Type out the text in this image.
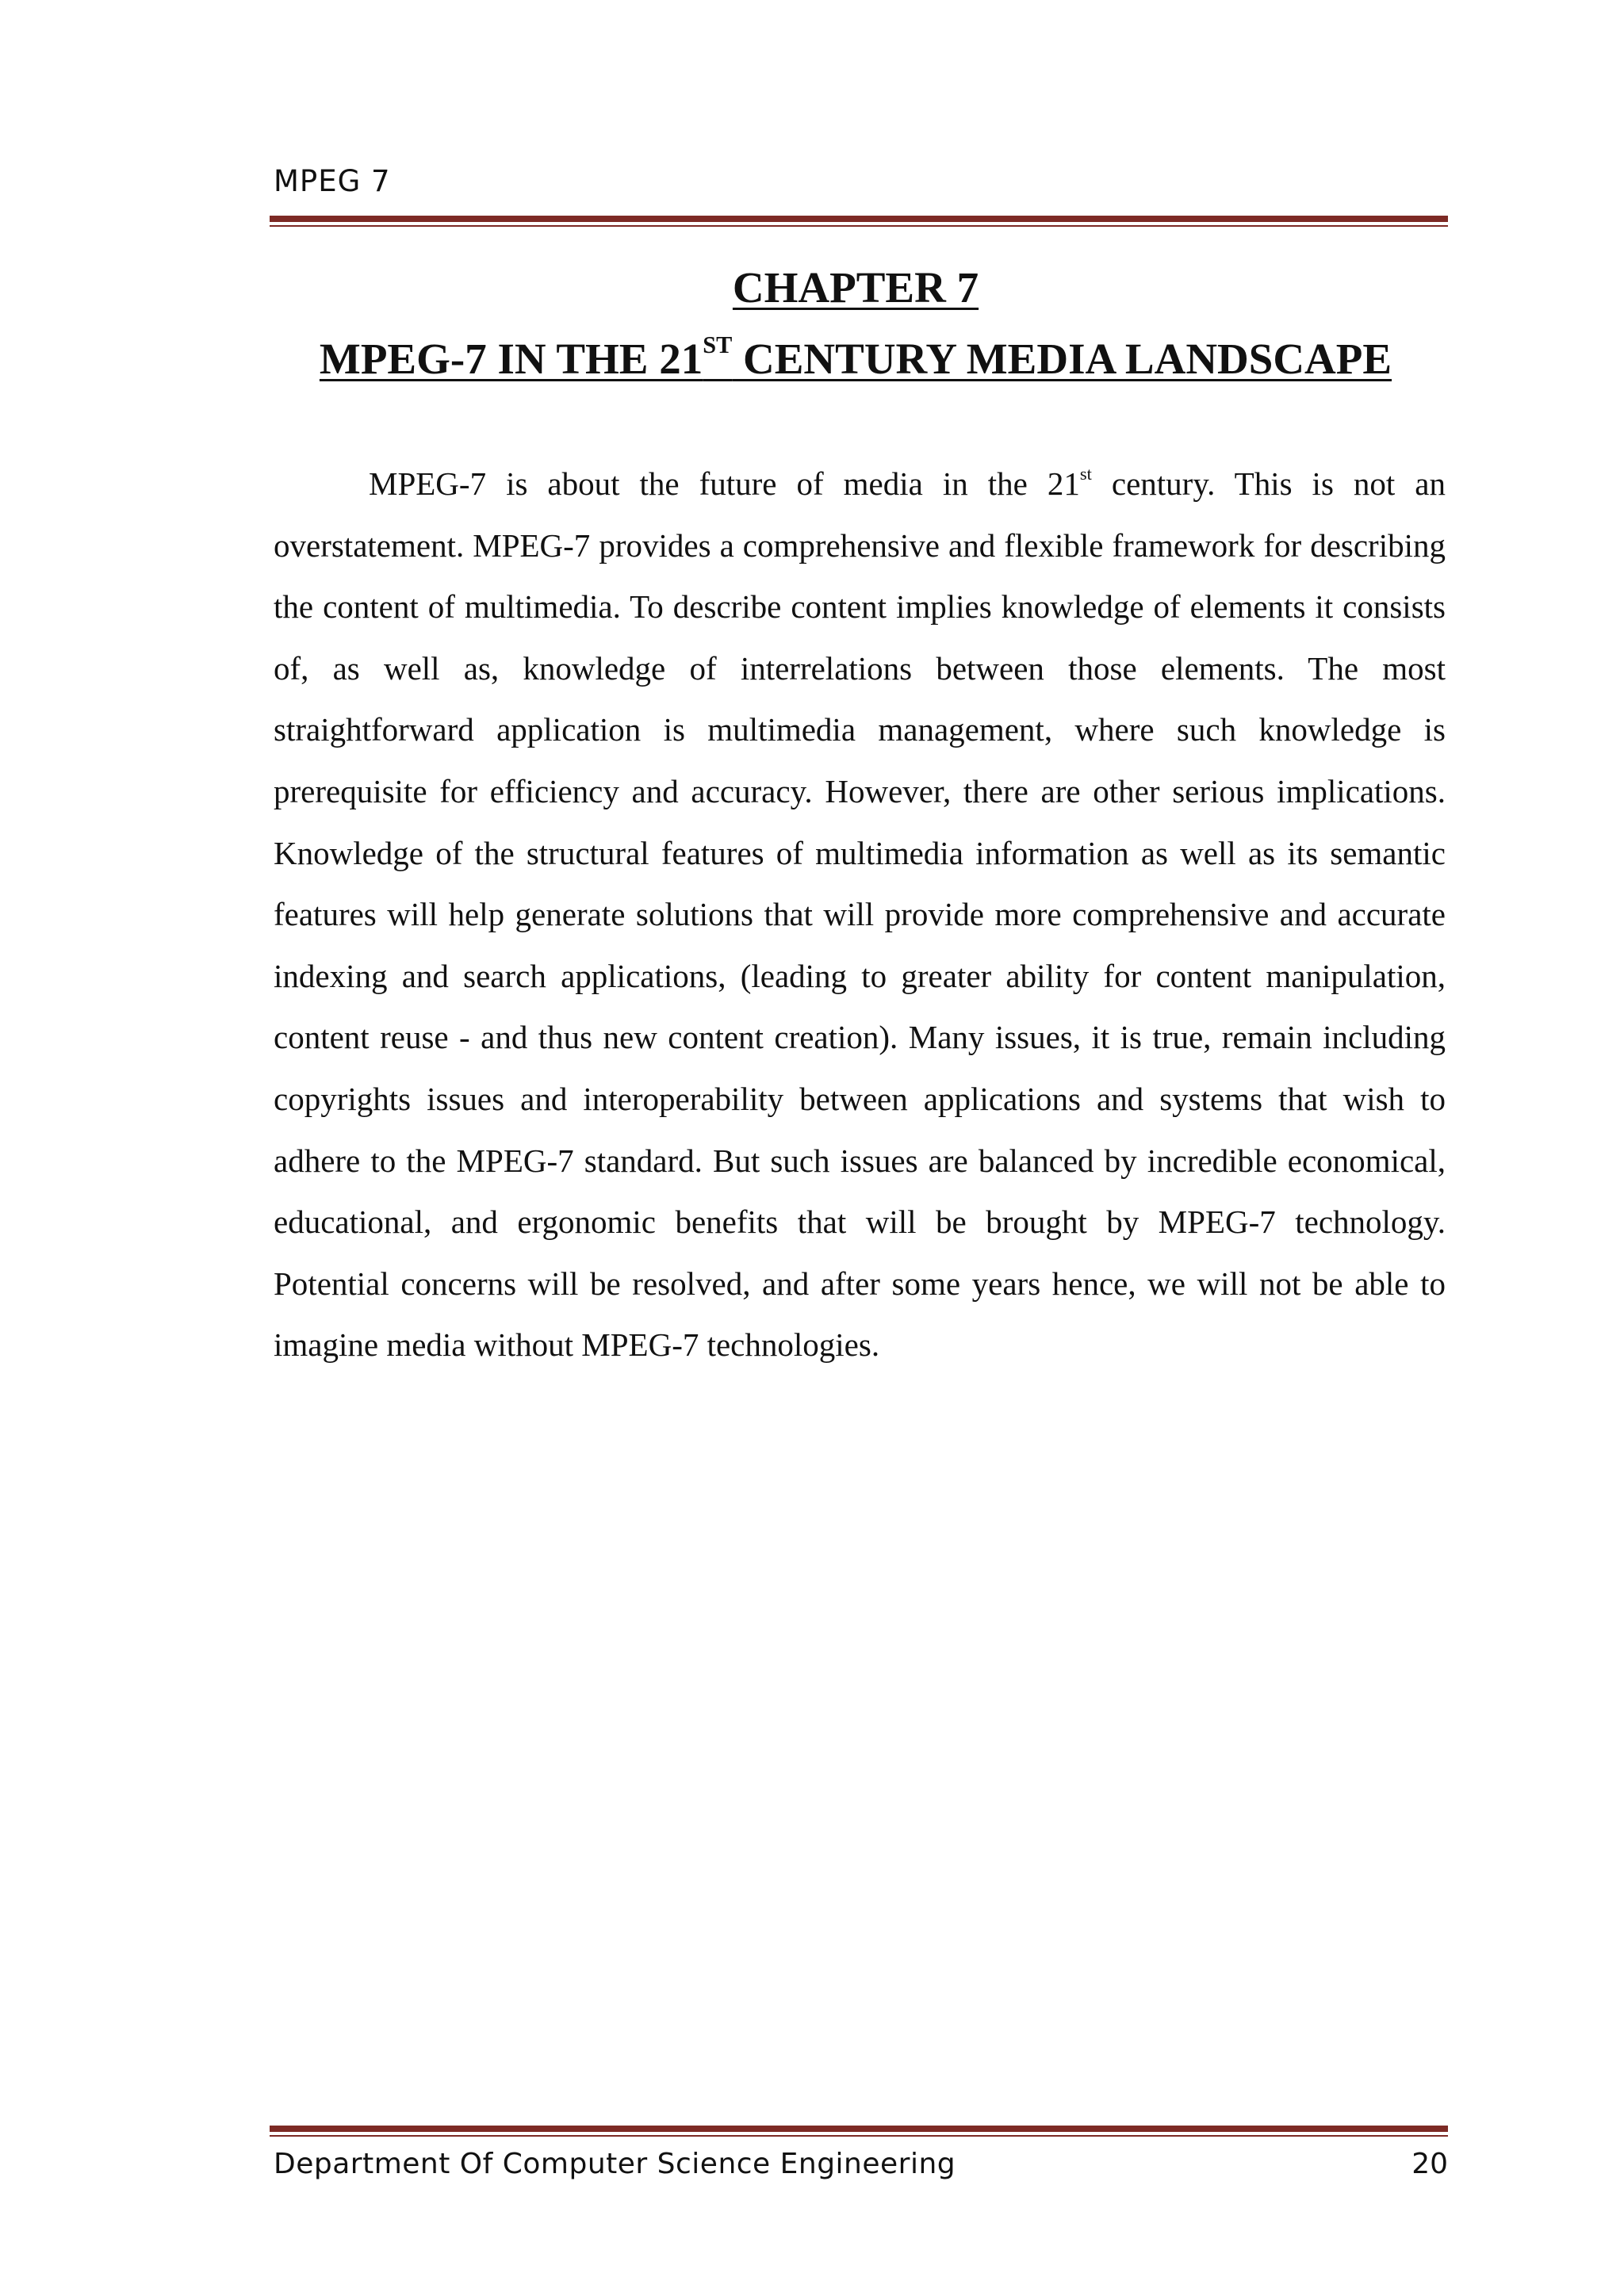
MPEG 7

CHAPTER 7
MPEG-7 IN THE 21ST CENTURY MEDIA LANDSCAPE

MPEG-7 is about the future of media in the 21st century. This is not an overstatement. MPEG-7 provides a comprehensive and flexible framework for describing the content of multimedia. To describe content implies knowledge of elements it consists of, as well as, knowledge of interrelations between those elements. The most straightforward application is multimedia management, where such knowledge is prerequisite for efficiency and accuracy. However, there are other serious implications. Knowledge of the structural features of multimedia information as well as its semantic features will help generate solutions that will provide more comprehensive and accurate indexing and search applications, (leading to greater ability for content manipulation, content reuse - and thus new content creation). Many issues, it is true, remain including copyrights issues and interoperability between applications and systems that wish to adhere to the MPEG-7 standard. But such issues are balanced by incredible economical, educational, and ergonomic benefits that will be brought by MPEG-7 technology. Potential concerns will be resolved, and after some years hence, we will not be able to imagine media without MPEG-7 technologies.

Department Of Computer Science Engineering	20
